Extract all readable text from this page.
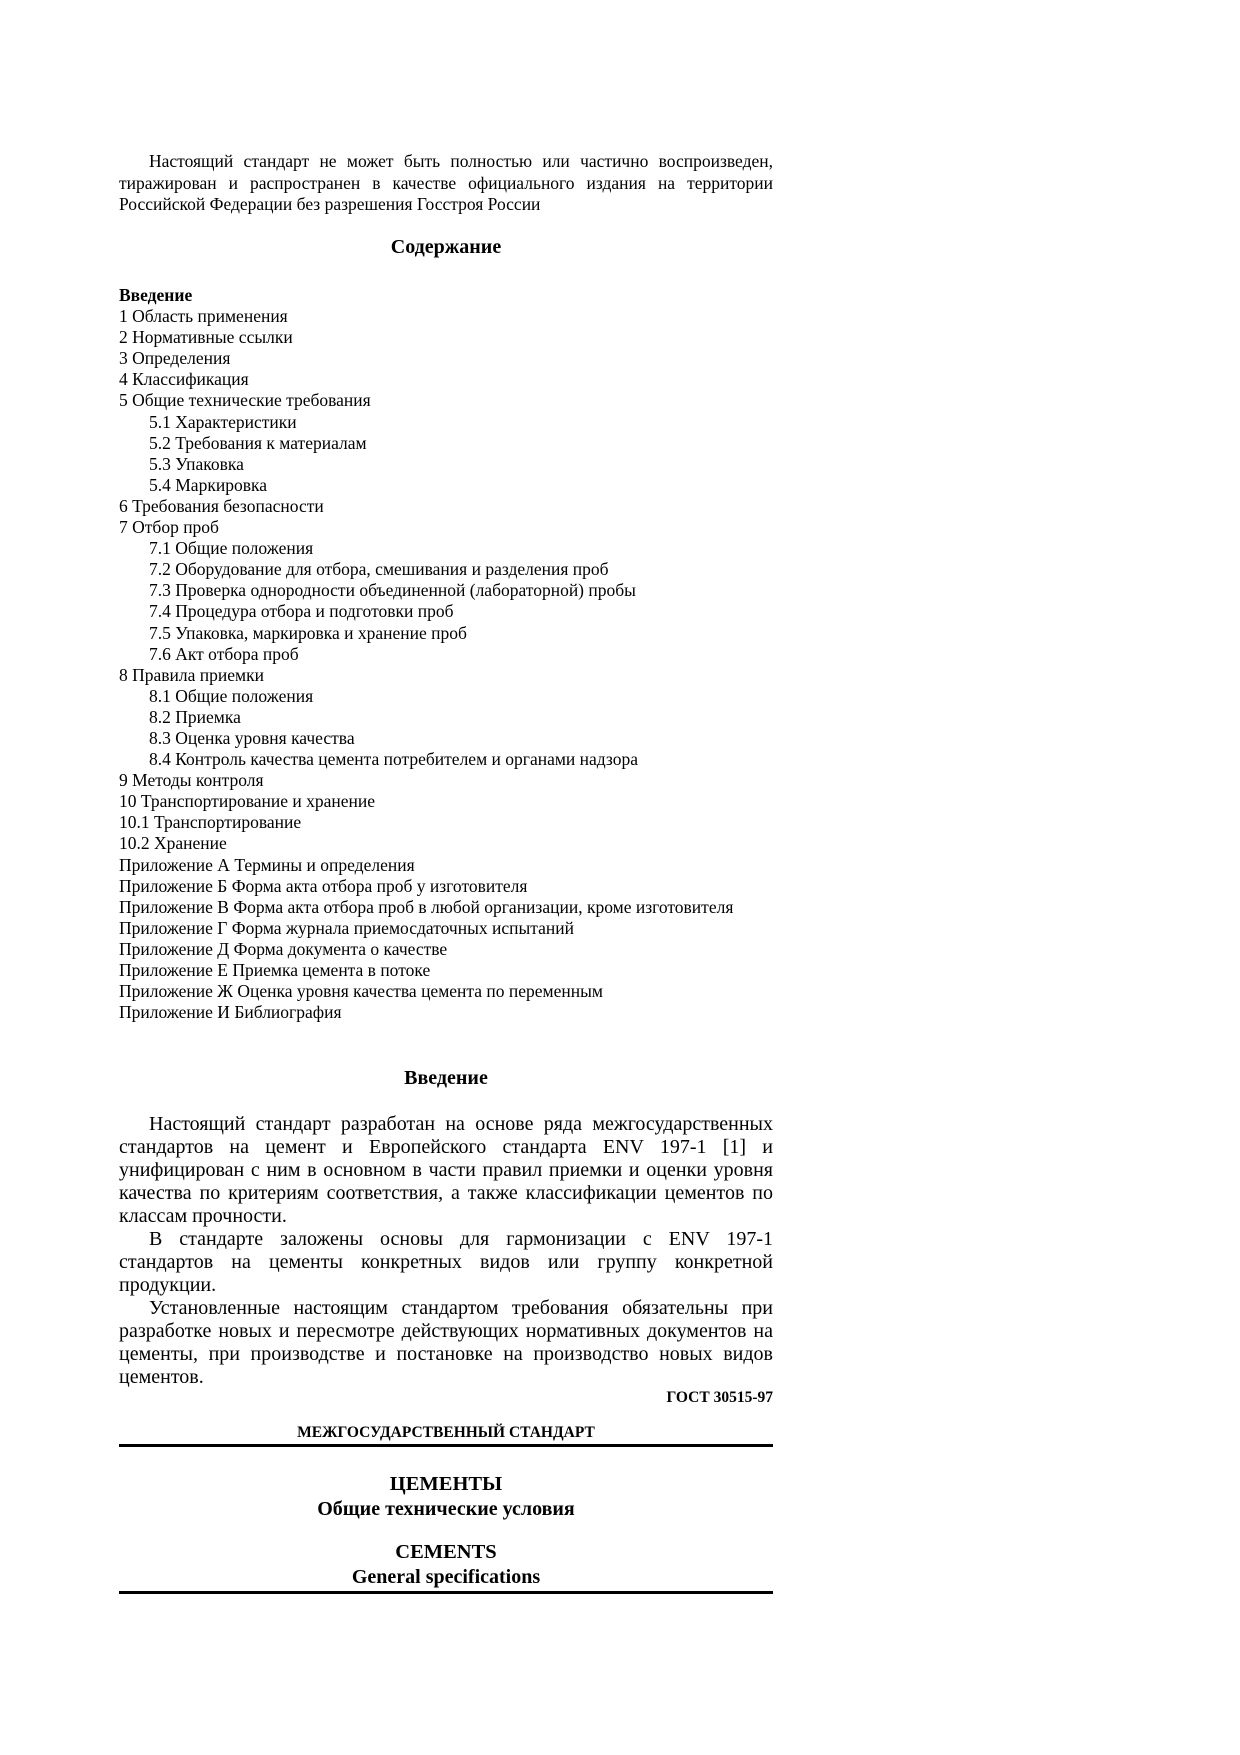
Настоящий стандарт не может быть полностью или частично воспроизведен, тиражирован и распространен в качестве официального издания на территории Российской Федерации без разрешения Госстроя России

Содержание

Введение
1 Область применения
2 Нормативные ссылки
3 Определения
4 Классификация
5 Общие технические требования
5.1 Характеристики
5.2 Требования к материалам
5.3 Упаковка
5.4 Маркировка
6 Требования безопасности
7 Отбор проб
7.1 Общие положения
7.2 Оборудование для отбора, смешивания и разделения проб
7.3 Проверка однородности объединенной (лабораторной) пробы
7.4 Процедура отбора и подготовки проб
7.5 Упаковка, маркировка и хранение проб
7.6 Акт отбора проб
8 Правила приемки
8.1 Общие положения
8.2 Приемка
8.3 Оценка уровня качества
8.4 Контроль качества цемента потребителем и органами надзора
9 Методы контроля
10 Транспортирование и хранение
10.1 Транспортирование
10.2 Хранение
Приложение А Термины и определения
Приложение Б Форма акта отбора проб у изготовителя
Приложение В Форма акта отбора проб в любой организации, кроме изготовителя
Приложение Г Форма журнала приемосдаточных испытаний
Приложение Д Форма документа о качестве
Приложение Е Приемка цемента в потоке
Приложение Ж Оценка уровня качества цемента по переменным
Приложение И Библиография

Введение

Настоящий стандарт разработан на основе ряда межгосударственных стандартов на цемент и Европейского стандарта ENV 197-1 [1] и унифицирован с ним в основном в части правил приемки и оценки уровня качества по критериям соответствия, а также классификации цементов по классам прочности.

В стандарте заложены основы для гармонизации с ENV 197-1 стандартов на цементы конкретных видов или группу конкретной продукции.

Установленные настоящим стандартом требования обязательны при разработке новых и пересмотре действующих нормативных документов на цементы, при производстве и постановке на производство новых видов цементов.

ГОСТ 30515-97
МЕЖГОСУДАРСТВЕННЫЙ СТАНДАРТ
ЦЕМЕНТЫ
Общие технические условия
CEMENTS
General specifications
